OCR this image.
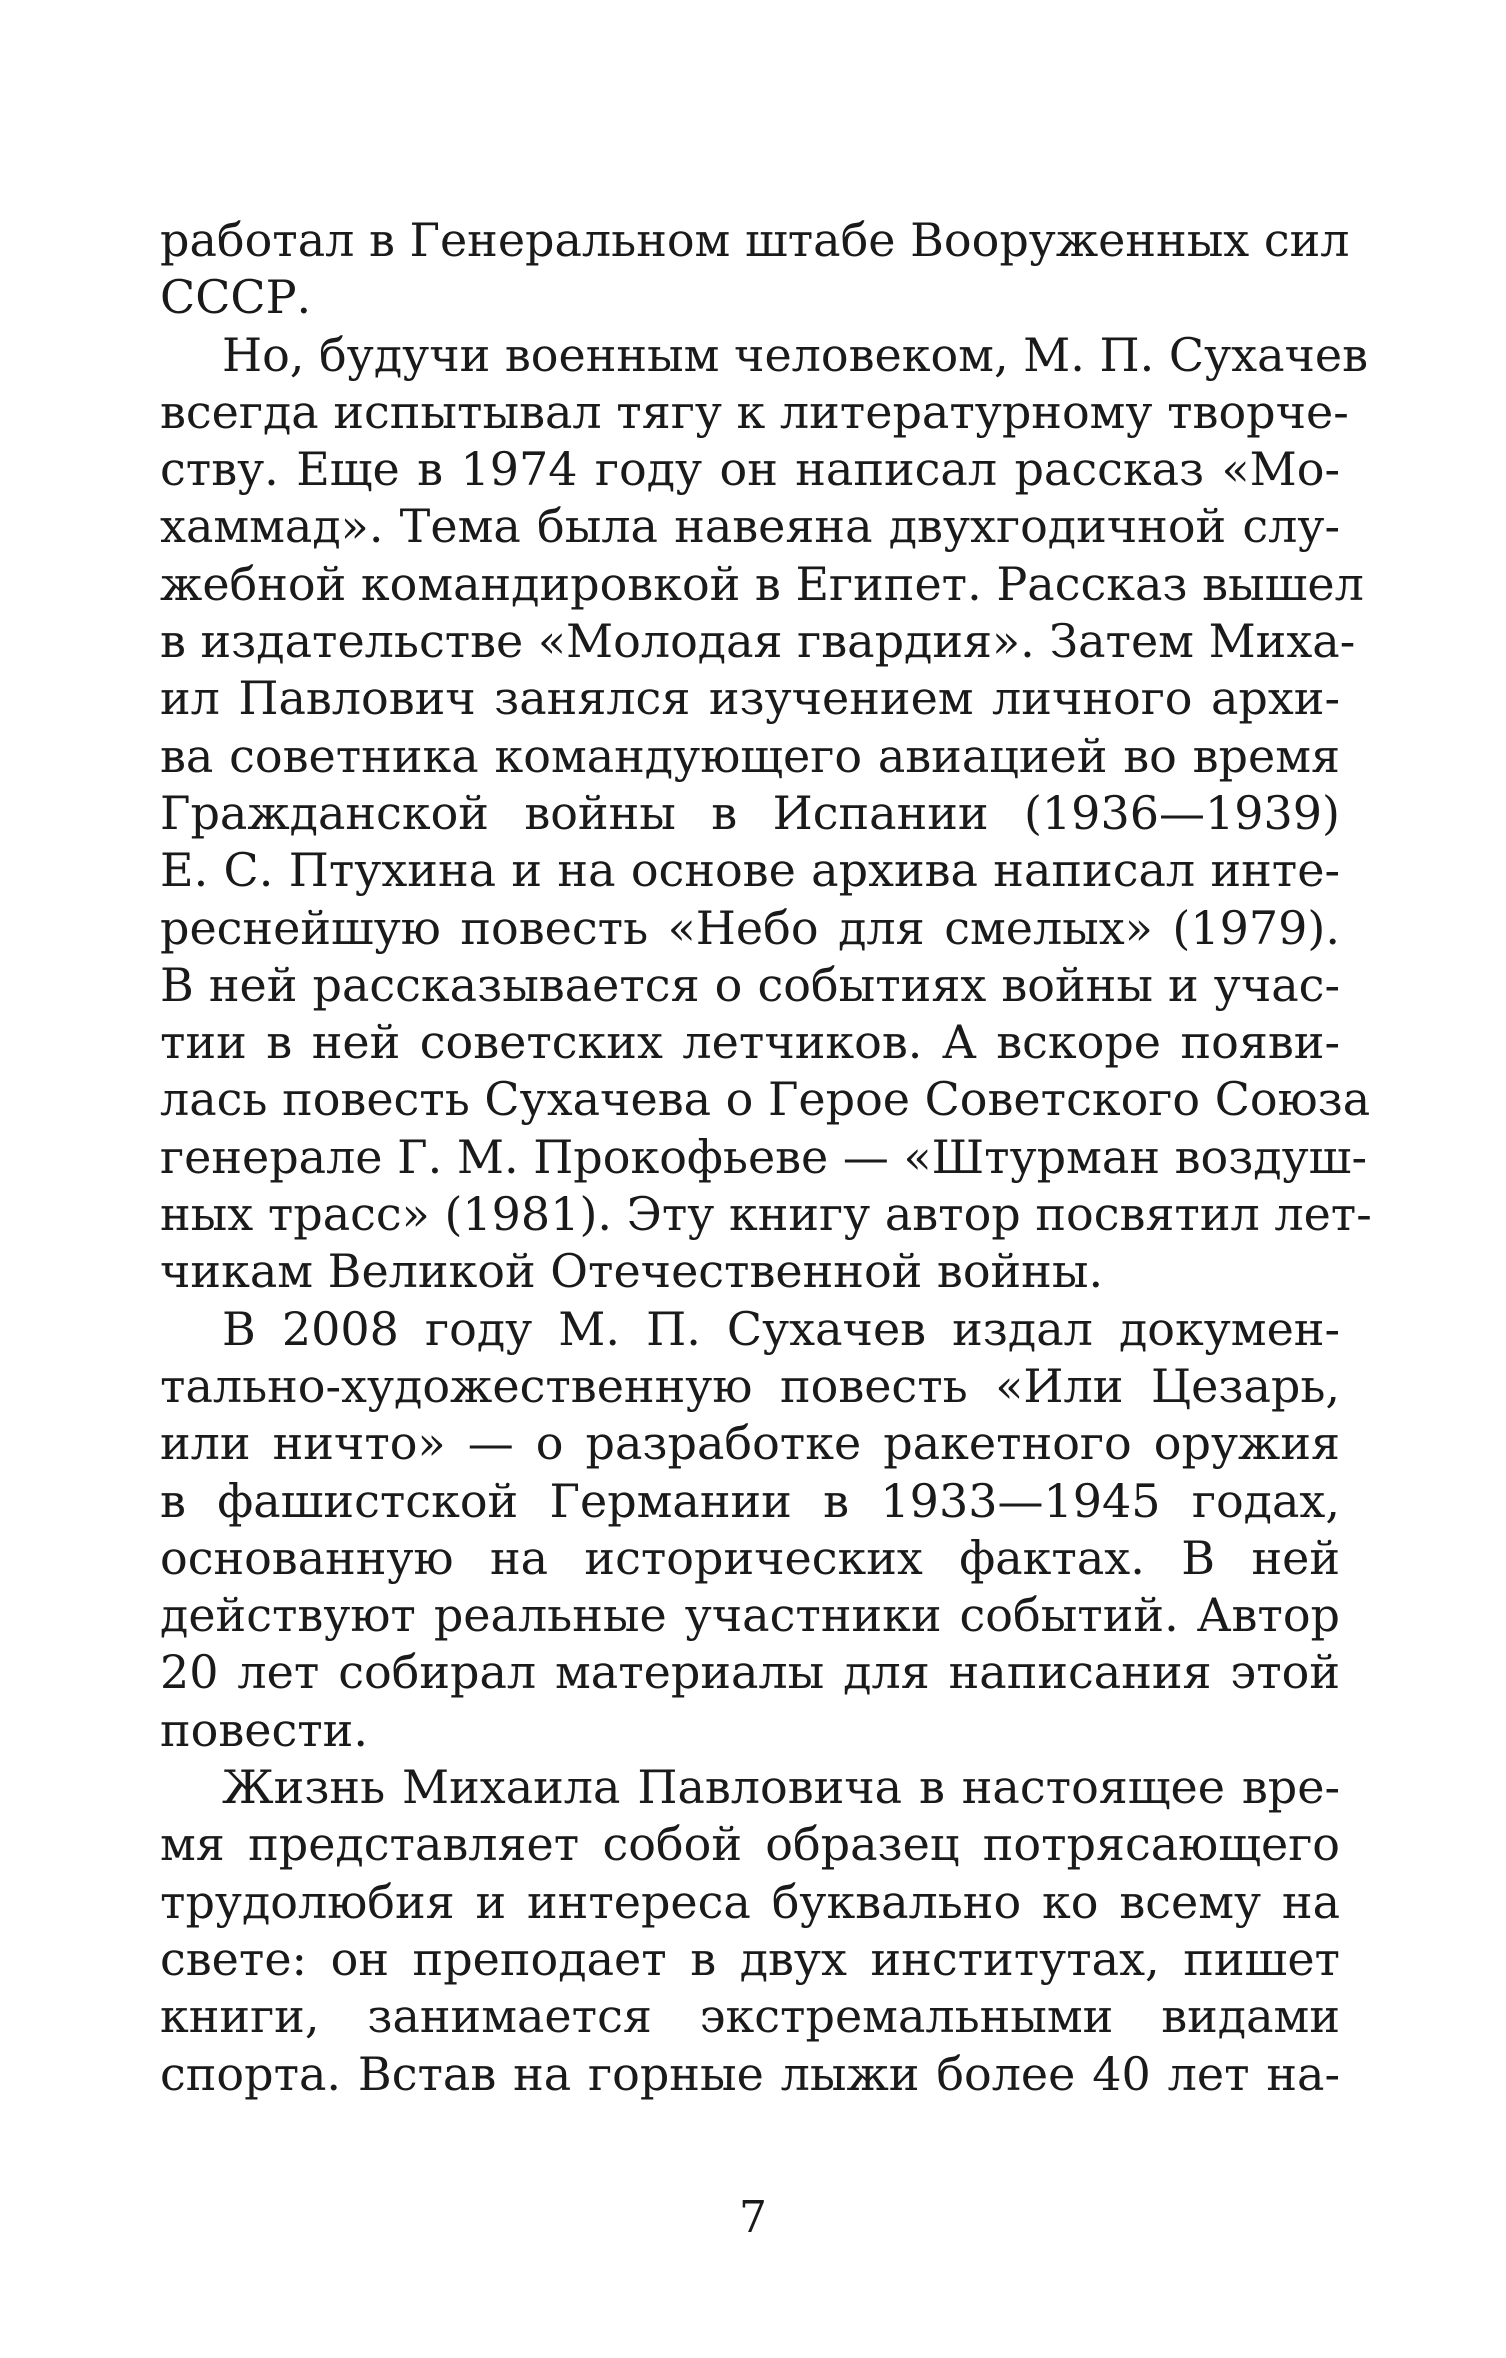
работал в Генеральном штабе Вооруженных сил
СССР.
Но, будучи военным человеком, М. П. Сухачев
всегда испытывал тягу к литературному творче-
ству. Еще в 1974 году он написал рассказ «Мо-
хаммад». Тема была навеяна двухгодичной слу-
жебной командировкой в Египет. Рассказ вышел
в издательстве «Молодая гвардия». Затем Миха-
ил Павлович занялся изучением личного архи-
ва советника командующего авиацией во время
Гражданской войны в Испании (1936—1939)
Е. С. Птухина и на основе архива написал инте-
реснейшую повесть «Небо для смелых» (1979).
В ней рассказывается о событиях войны и учас-
тии в ней советских летчиков. А вскоре появи-
лась повесть Сухачева о Герое Советского Союза
генерале Г. М. Прокофьеве — «Штурман воздуш-
ных трасс» (1981). Эту книгу автор посвятил лет-
чикам Великой Отечественной войны.
В 2008 году М. П. Сухачев издал докумен-
тально-художественную повесть «Или Цезарь,
или ничто» — о разработке ракетного оружия
в фашистской Германии в 1933—1945 годах,
основанную на исторических фактах. В ней
действуют реальные участники событий. Автор
20 лет собирал материалы для написания этой
повести.
Жизнь Михаила Павловича в настоящее вре-
мя представляет собой образец потрясающего
трудолюбия и интереса буквально ко всему на
свете: он преподает в двух институтах, пишет
книги, занимается экстремальными видами
спорта. Встав на горные лыжи более 40 лет на-
7
